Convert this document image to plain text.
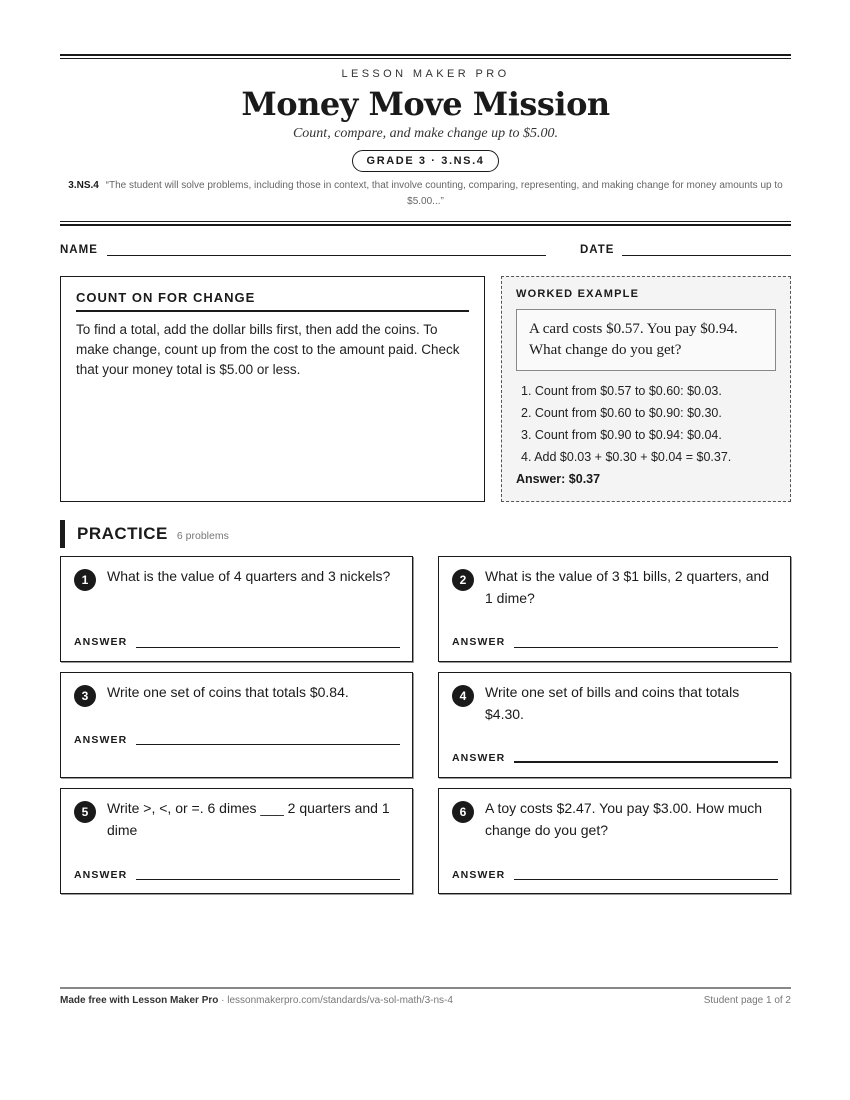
LESSON MAKER PRO
Money Move Mission
Count, compare, and make change up to $5.00.
GRADE 3 · 3.NS.4
3.NS.4 “The student will solve problems, including those in context, that involve counting, comparing, representing, and making change for money amounts up to $5.00...”
NAME	DATE
COUNT ON FOR CHANGE

To find a total, add the dollar bills first, then add the coins. To make change, count up from the cost to the amount paid. Check that your money total is $5.00 or less.

WORKED EXAMPLE
A card costs $0.57. You pay $0.94. What change do you get?
1. Count from $0.57 to $0.60: $0.03.
2. Count from $0.60 to $0.90: $0.30.
3. Count from $0.90 to $0.94: $0.04.
4. Add $0.03 + $0.30 + $0.04 = $0.37.
Answer: $0.37
PRACTICE 6 problems
1	What is the value of 4 quarters and 3 nickels?
ANSWER
2	What is the value of 3 $1 bills, 2 quarters, and 1 dime?
ANSWER
3	Write one set of coins that totals $0.84.
ANSWER
4	Write one set of bills and coins that totals $4.30.
ANSWER
5	Write >, <, or =. 6 dimes ___ 2 quarters and 1 dime
ANSWER
6	A toy costs $2.47. You pay $3.00. How much change do you get?
ANSWER
Made free with Lesson Maker Pro · lessonmakerpro.com/standards/va-sol-math/3-ns-4	Student page 1 of 2
